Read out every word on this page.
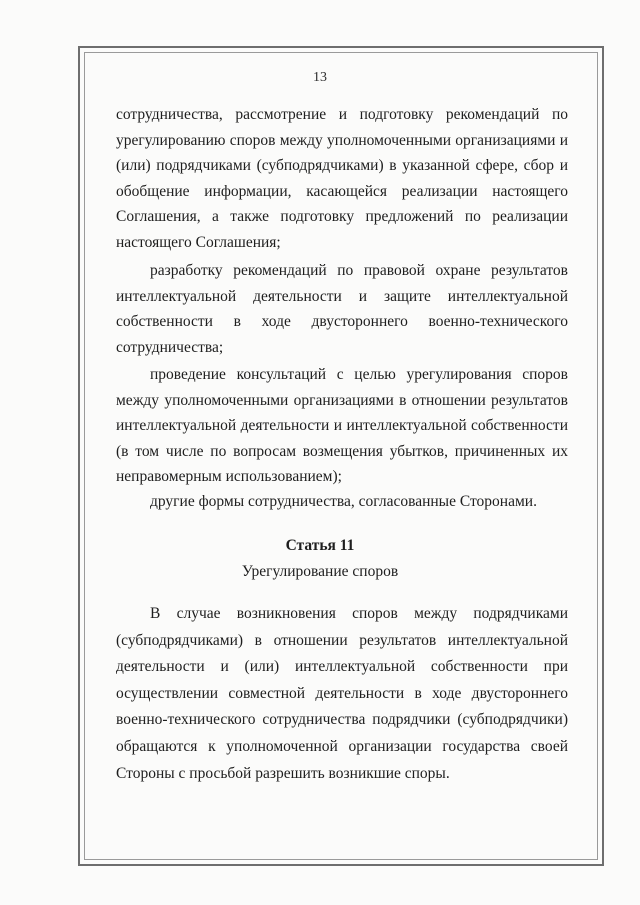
13

сотрудничества, рассмотрение и подготовку рекомендаций по урегулированию споров между уполномоченными организациями и (или) подрядчиками (субподрядчиками) в указанной сфере, сбор и обобщение информации, касающейся реализации настоящего Соглашения, а также подготовку предложений по реализации настоящего Соглашения;

разработку рекомендаций по правовой охране результатов интеллектуальной деятельности и защите интеллектуальной собственности в ходе двустороннего военно-технического сотрудничества;

проведение консультаций с целью урегулирования споров между уполномоченными организациями в отношении результатов интеллектуальной деятельности и интеллектуальной собственности (в том числе по вопросам возмещения убытков, причиненных их неправомерным использованием);

другие формы сотрудничества, согласованные Сторонами.

Статья 11
Урегулирование споров

В случае возникновения споров между подрядчиками (субподрядчиками) в отношении результатов интеллектуальной деятельности и (или) интеллектуальной собственности при осуществлении совместной деятельности в ходе двустороннего военно-технического сотрудничества подрядчики (субподрядчики) обращаются к уполномоченной организации государства своей Стороны с просьбой разрешить возникшие споры.
